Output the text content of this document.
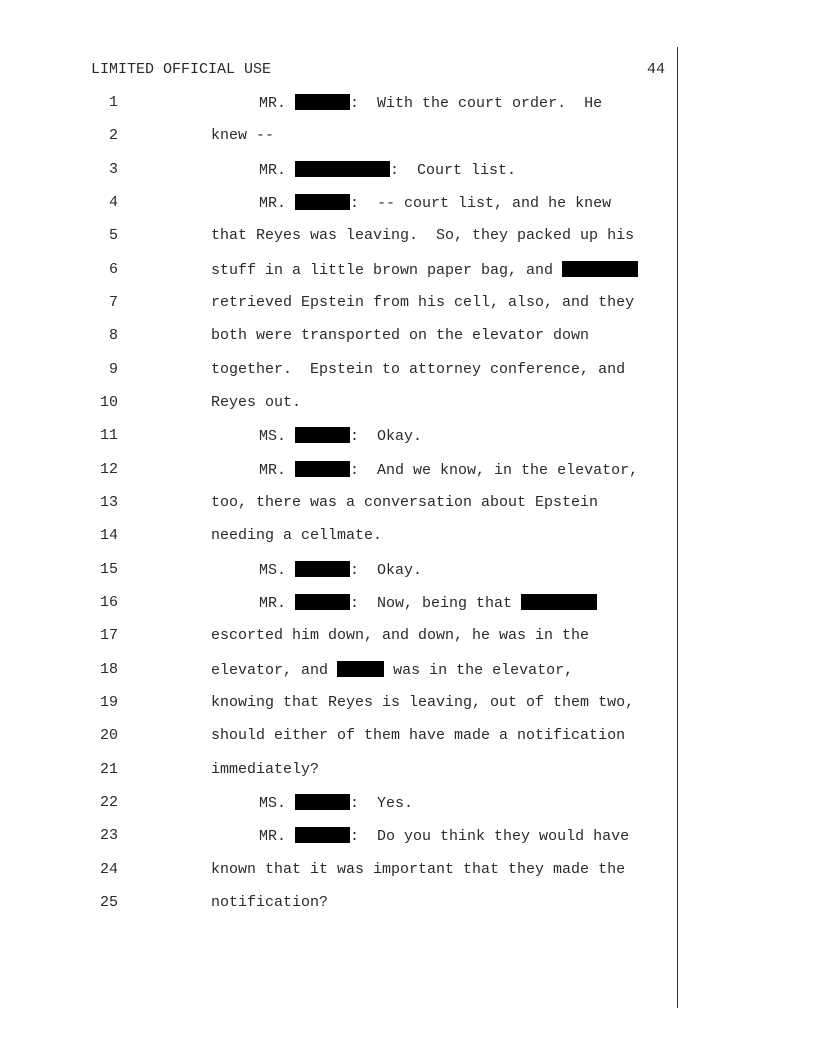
LIMITED OFFICIAL USE	44
1	MR.	:  With the court order.  He
2	knew --
3	MR.	:  Court list.
4	MR.	:  -- court list, and he knew
5	that Reyes was leaving.  So, they packed up his
6	stuff in a little brown paper bag, and
7	retrieved Epstein from his cell, also, and they
8	both were transported on the elevator down
9	together.  Epstein to attorney conference, and
10	Reyes out.
11	MS.	:  Okay.
12	MR.	:  And we know, in the elevator,
13	too, there was a conversation about Epstein
14	needing a cellmate.
15	MS.	:  Okay.
16	MR.	:  Now, being that
17	escorted him down, and down, he was in the
18	elevator, and	was in the elevator,
19	knowing that Reyes is leaving, out of them two,
20	should either of them have made a notification
21	immediately?
22	MS.	:  Yes.
23	MR.	:  Do you think they would have
24	known that it was important that they made the
25	notification?
